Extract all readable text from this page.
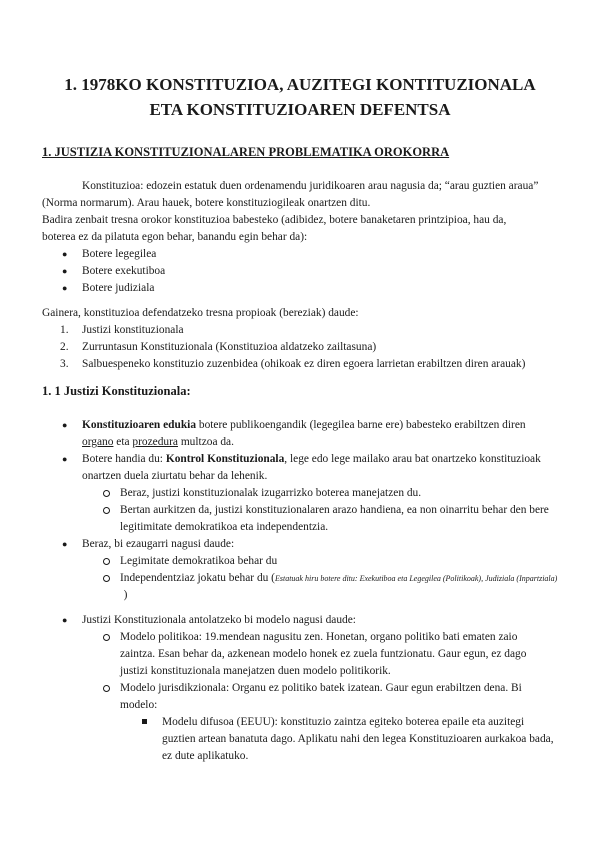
1. 1978KO KONSTITUZIOA, AUZITEGI KONTITUZIONALA
ETA KONSTITUZIOAREN DEFENTSA
1. JUSTIZIA KONSTITUZIONALAREN PROBLEMATIKA OROKORRA
Konstituzioa: edozein estatuk duen ordenamendu juridikoaren arau nagusia da; “arau guztien araua”
(Norma normarum). Arau hauek, botere konstituziogileak onartzen ditu.
Badira zenbait tresna orokor konstituzioa babesteko (adibidez, botere banaketaren printzipioa, hau da,
boterea ez da pilatuta egon behar, banandu egin behar da):
● Botere legegilea
● Botere exekutiboa
● Botere judiziala
Gainera, konstituzioa defendatzeko tresna propioak (bereziak) daude:
1. Justizi konstituzionala
2. Zurruntasun Konstituzionala (Konstituzioa aldatzeko zailtasuna)
3. Salbuespeneko konstituzio zuzenbidea (ohikoak ez diren egoera larrietan erabiltzen diren arauak)
1. 1 Justizi Konstituzionala:
● Konstituzioaren edukia botere publikoengandik (legegilea barne ere) babesteko erabiltzen diren
organo eta prozedura multzoa da.
● Botere handia du: Kontrol Konstituzionala, lege edo lege mailako arau bat onartzeko konstituzioak
onartzen duela ziurtatu behar da lehenik.
Beraz, justizi konstituzionalak izugarrizko boterea manejatzen du.
Bertan aurkitzen da, justizi konstituzionalaren arazo handiena, ea non oinarritu behar den bere
legitimitate demokratikoa eta independentzia.
● Beraz, bi ezaugarri nagusi daude:
Legimitate demokratikoa behar du
Independentziaz jokatu behar du (Estatuak hiru botere ditu: Exekutiboa eta Legegilea (Politikoak), Judiziala (Inpartziala)
)
● Justizi Konstituzionala antolatzeko bi modelo nagusi daude:
Modelo politikoa: 19.mendean nagusitu zen. Honetan, organo politiko bati ematen zaio
zaintza. Esan behar da, azkenean modelo honek ez zuela funtzionatu. Gaur egun, ez dago
justizi konstituzionala manejatzen duen modelo politikorik.
Modelo jurisdikzionala: Organu ez politiko batek izatean. Gaur egun erabiltzen dena. Bi
modelo:
Modelu difusoa (EEUU): konstituzio zaintza egiteko boterea epaile eta auzitegi
guztien artean banatuta dago. Aplikatu nahi den legea Konstituzioaren aurkakoa bada,
ez dute aplikatuko.
